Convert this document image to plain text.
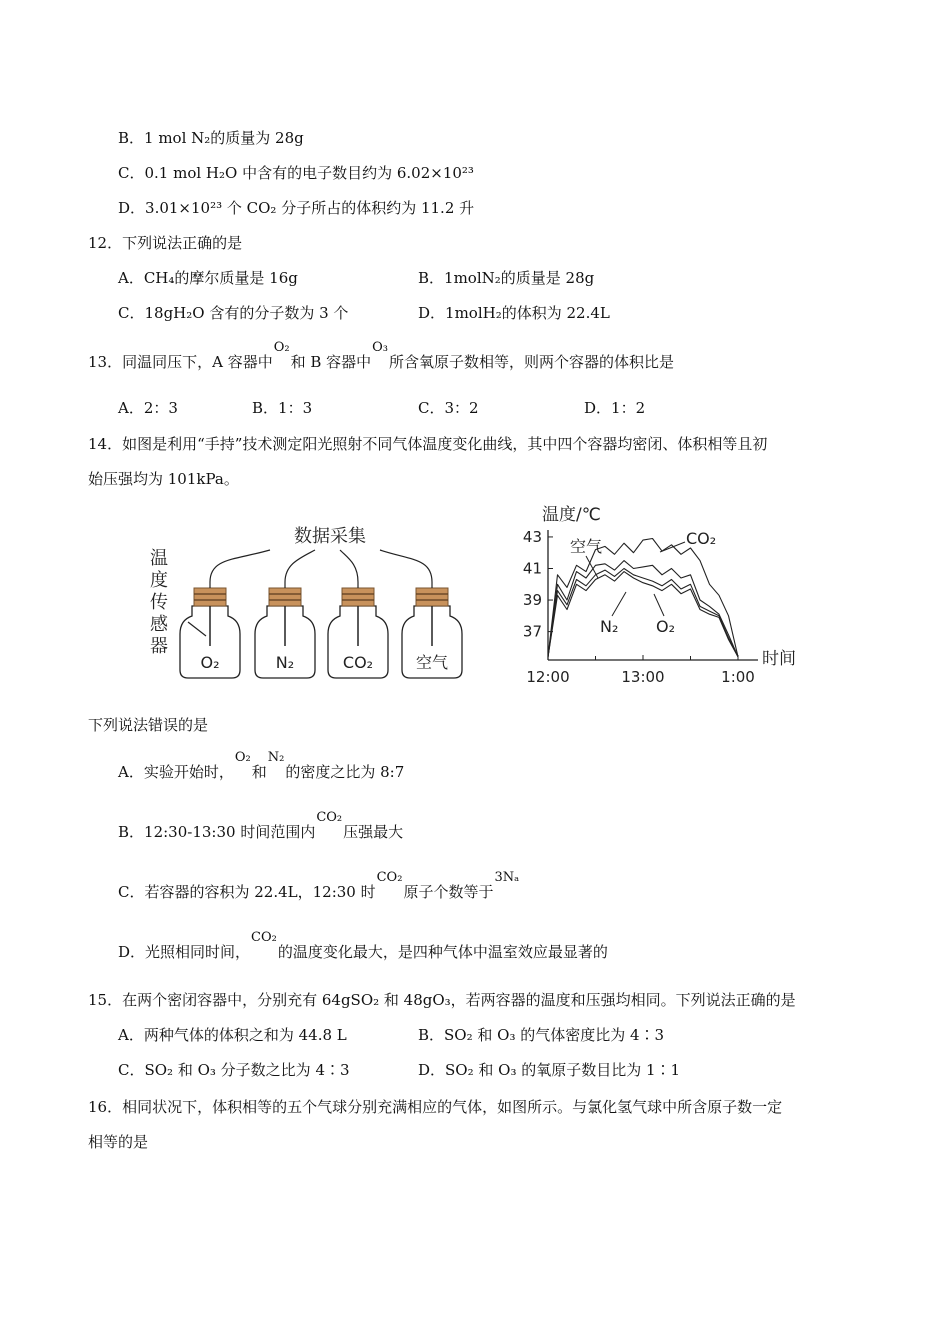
B．1 mol N₂的质量为 28g
C．0.1 mol H₂O 中含有的电子数目约为 6.02×10²³
D．3.01×10²³ 个 CO₂ 分子所占的体积约为 11.2 升
12．下列说法正确的是
A．CH₄的摩尔质量是 16g	B．1molN₂的质量是 28g
C．18gH₂O 含有的分子数为 3 个	D．1molH₂的体积为 22.4L
13．同温同压下，A 容器中O₂和 B 容器中O₃所含氧原子数相等，则两个容器的体积比是
A．2：3	B．1：3	C．3：2	D．1：2
14．如图是利用“手持”技术测定阳光照射不同气体温度变化曲线，其中四个容器均密闭、体积相等且初
始压强均为 101kPa。
数据采集
温
度
传
感
器
O₂	N₂	CO₂	空气
温度/℃
时间
37
39
41
43
12:00	13:00	1:00
空气	CO₂
N₂ O₂
下列说法错误的是
A．实验开始时，O₂和N₂的密度之比为 8:7
B．12:30-13:30 时间范围内CO₂压强最大
C．若容器的容积为 22.4L，12:30 时CO₂原子个数等于3Nₐ
D．光照相同时间，CO₂的温度变化最大，是四种气体中温室效应最显著的
15．在两个密闭容器中，分别充有 64gSO₂ 和 48gO₃，若两容器的温度和压强均相同。下列说法正确的是
A．两种气体的体积之和为 44.8 L	B．SO₂ 和 O₃ 的气体密度比为 4∶3
C．SO₂ 和 O₃ 分子数之比为 4∶3	D．SO₂ 和 O₃ 的氧原子数目比为 1∶1
16．相同状况下，体积相等的五个气球分别充满相应的气体，如图所示。与氯化氢气球中所含原子数一定
相等的是
